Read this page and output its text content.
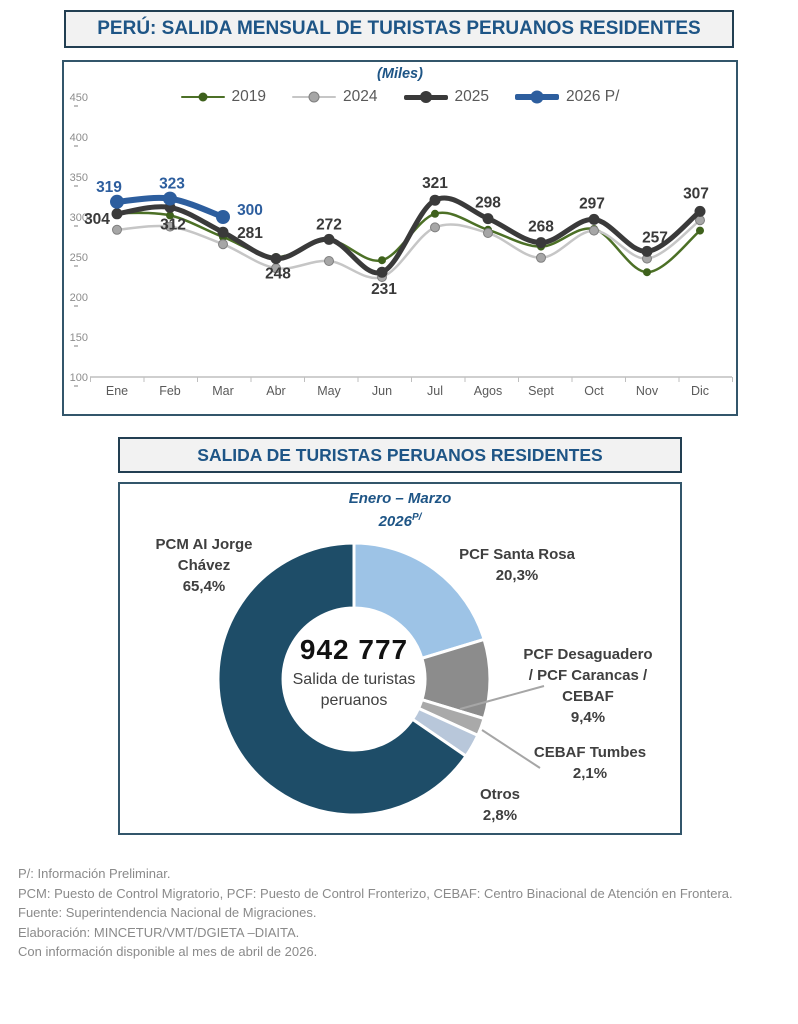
PERÚ: SALIDA MENSUAL DE TURISTAS PERUANOS RESIDENTES
(Miles)
2019	2024	2025	2026 P/
450
400
350
300
250
200
150
100
Ene Feb	Mar	Abr	May Jun	Jul Agos Sept Oct	Nov	Dic
304	312
281
248
272
231
321
298
268
297
257
307
319 323
300
SALIDA DE TURISTAS PERUANOS RESIDENTES
Enero – Marzo
$2026^{P/}$
PCF Santa Rosa
20,3%
PCF Desaguadero
/ PCF Carancas /
CEBAF
9,4%
CEBAF Tumbes
2,1%
Otros
2,8%
PCM AI Jorge
Chávez
65,4%
942 777
Salida de turistas
peruanos
P/: Información Preliminar.
PCM: Puesto de Control Migratorio, PCF: Puesto de Control Fronterizo, CEBAF: Centro Binacional de Atención en Frontera.
Fuente: Superintendencia Nacional de Migraciones.
Elaboración: MINCETUR/VMT/DGIETA –DIAITA.
Con información disponible al mes de abril de 2026.
